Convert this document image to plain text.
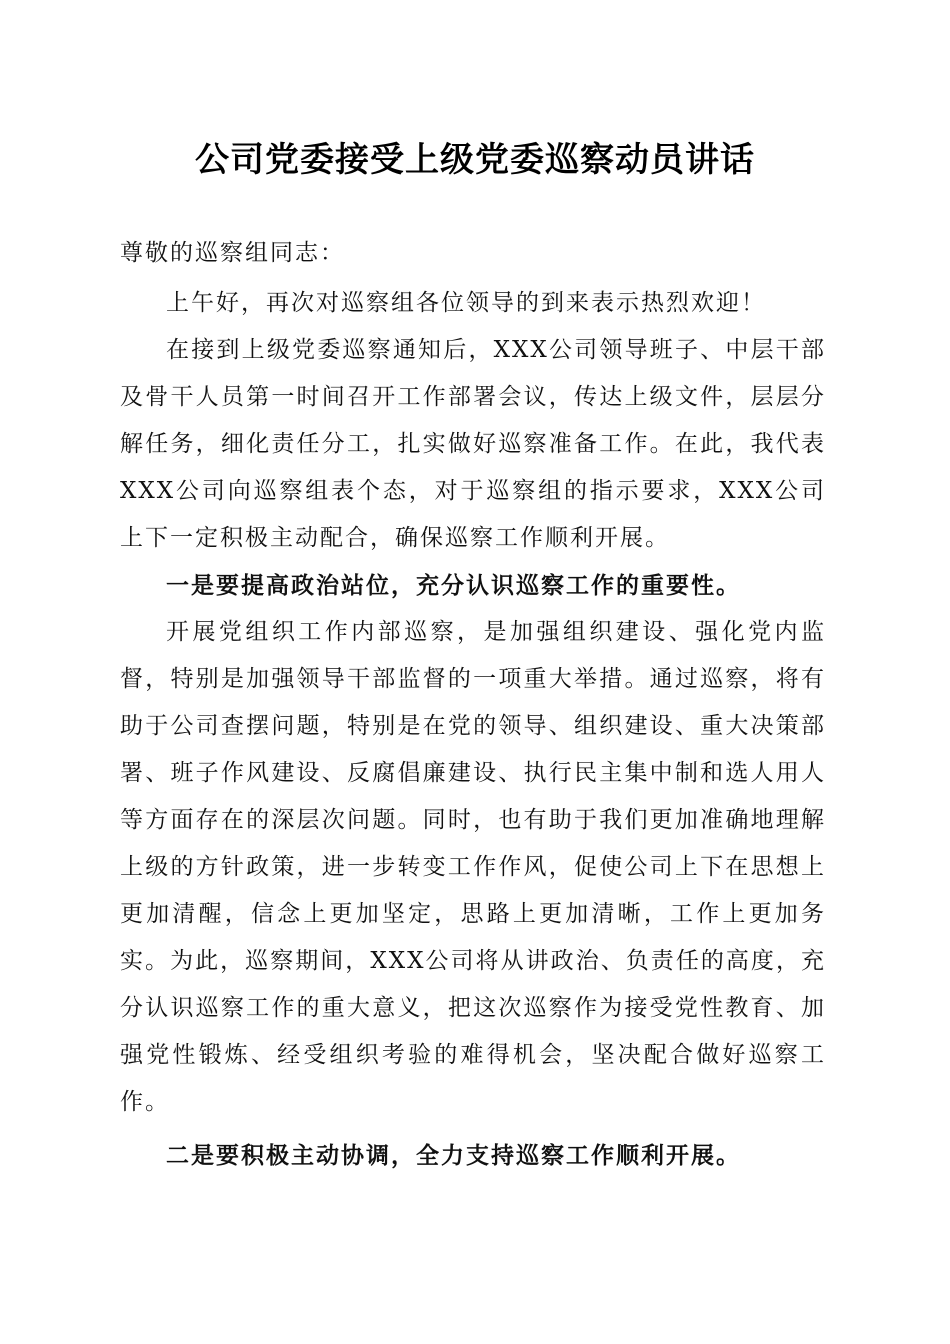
公司党委接受上级党委巡察动员讲话

尊敬的巡察组同志：

上午好，再次对巡察组各位领导的到来表示热烈欢迎！

在接到上级党委巡察通知后，XXX公司领导班子、中层干部及骨干人员第一时间召开工作部署会议，传达上级文件，层层分解任务，细化责任分工，扎实做好巡察准备工作。在此，我代表XXX公司向巡察组表个态，对于巡察组的指示要求，XXX公司上下一定积极主动配合，确保巡察工作顺利开展。

一是要提高政治站位，充分认识巡察工作的重要性。

开展党组织工作内部巡察，是加强组织建设、强化党内监督，特别是加强领导干部监督的一项重大举措。通过巡察，将有助于公司查摆问题，特别是在党的领导、组织建设、重大决策部署、班子作风建设、反腐倡廉建设、执行民主集中制和选人用人等方面存在的深层次问题。同时，也有助于我们更加准确地理解上级的方针政策，进一步转变工作作风，促使公司上下在思想上更加清醒，信念上更加坚定，思路上更加清晰，工作上更加务实。为此，巡察期间，XXX公司将从讲政治、负责任的高度，充分认识巡察工作的重大意义，把这次巡察作为接受党性教育、加强党性锻炼、经受组织考验的难得机会，坚决配合做好巡察工作。

二是要积极主动协调，全力支持巡察工作顺利开展。
